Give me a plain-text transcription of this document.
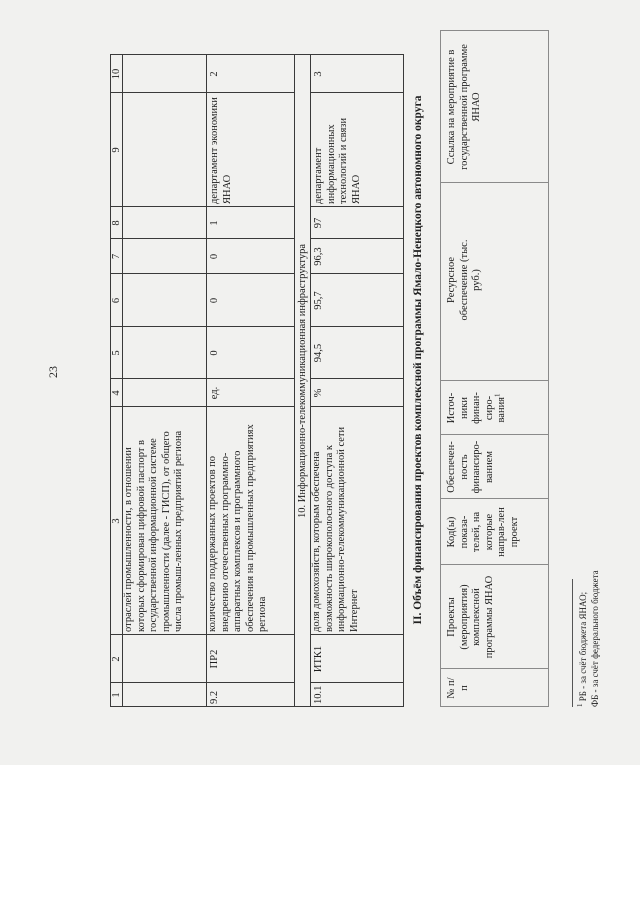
23
1
2
3
4
5
6
7
8
9
10
отраслей промышленности, в отношении которых сформирован цифровой паспорт в государственной информационной системе промышленности (далее - ГИСП), от общего числа промыш-ленных предприятий региона
9.2
ПР2
количество поддержанных проектов по внедрению отечественных программно-аппаратных комплексов и программного обеспечения на промышленных предприятиях региона
ед.
0
0
0
1
департамент экономики ЯНАО
2
10. Информационно-телекоммуникационная инфраструктура
10.1
ИТК1
доля домохозяйств, которым обеспечена возможность широкополосного доступа к информационно-телекоммуникационной сети Интернет
%
94,5
95,7
96,3
97
департамент информационных технологий и связи ЯНАО
3
II. Объём финансирования проектов комплексной программы Ямало-Ненецкого автономного округа
№ п/п
Проекты (мероприятия) комплексной программы ЯНАО
Код(ы) показа-телей, на которые направ-лен проект
Обеспечен-ность финансиро-ванием
Источ-ники финан-сиро-вания$^1$
Ресурсное обеспечение (тыс. руб.)
Ссылка на мероприятие в государственной программе ЯНАО
$^1$ РБ - за счёт бюджета ЯНАО; ФБ - за счёт федерального бюджета
